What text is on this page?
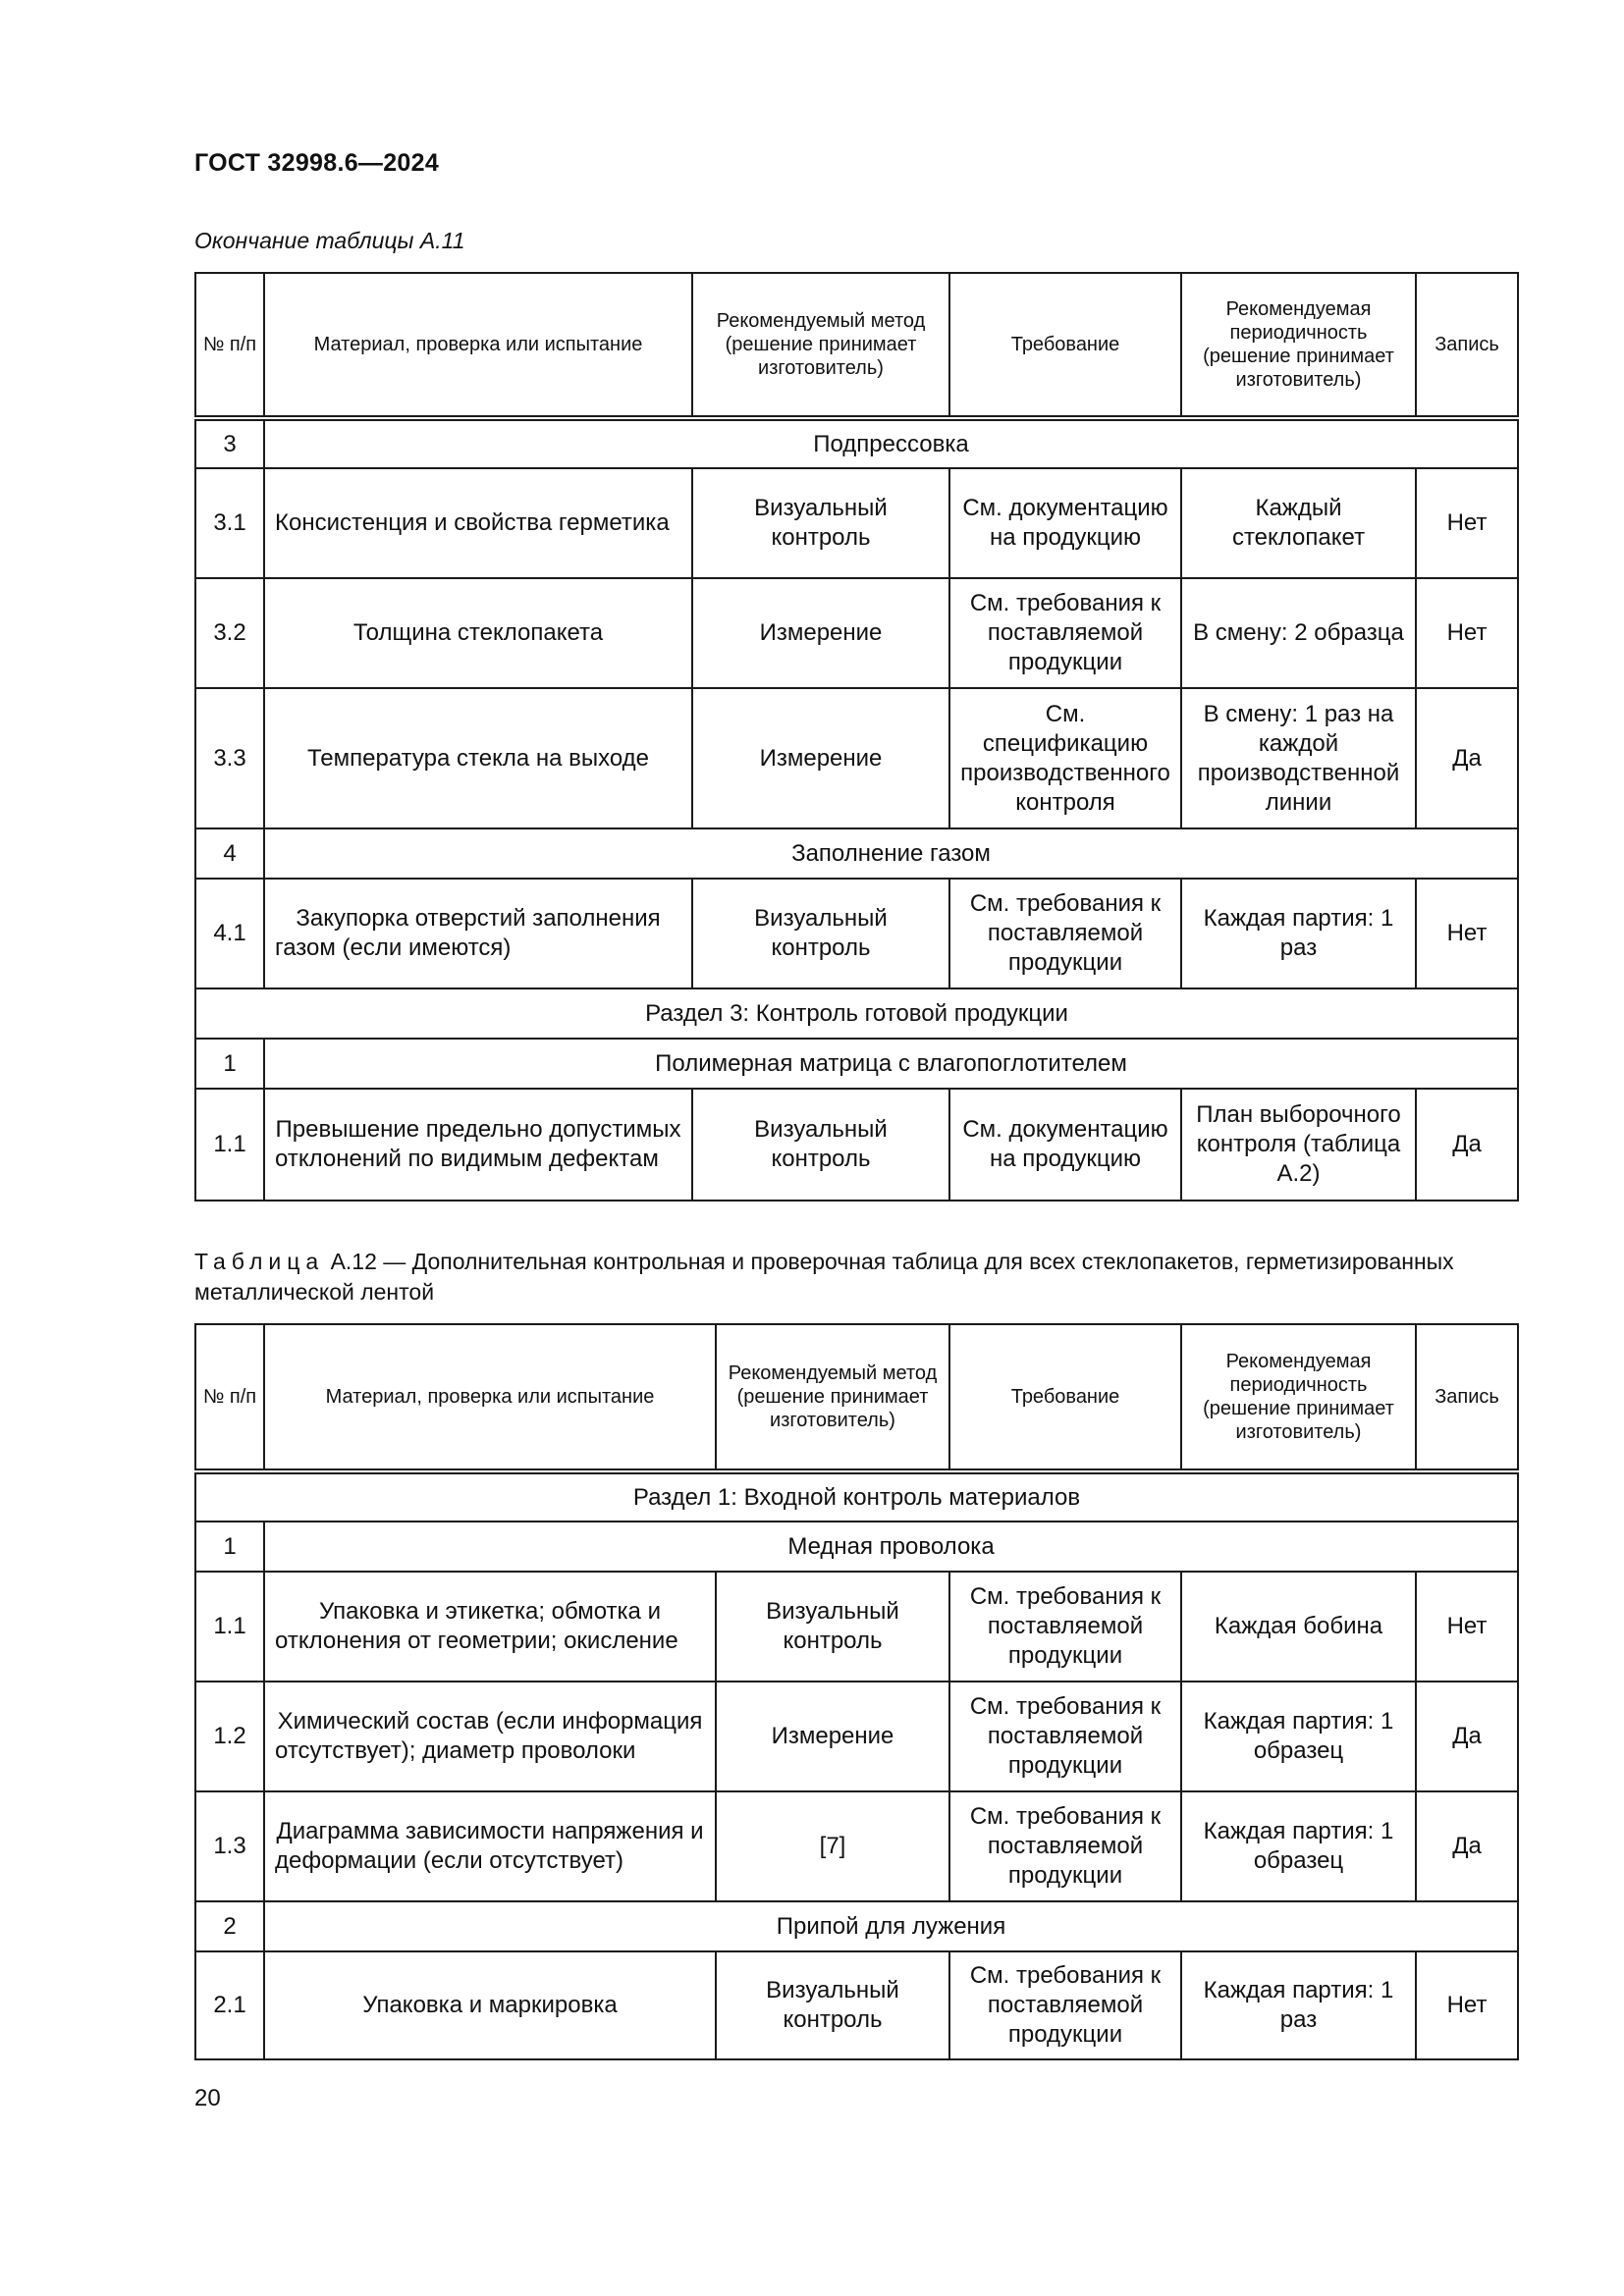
ГОСТ 32998.6—2024
Окончание таблицы А.11
№ п/п	Материал, проверка или испытание	Рекомендуемый метод (решение принимает изготовитель)	Требование	Рекомендуемая периодичность (решение принимает изготовитель)	Запись
3	Подпрессовка				
3.1	Консистенция и свойства герметика	Визуальный контроль	См. документацию на продукцию	Каждый стеклопакет	Нет
3.2	Толщина стеклопакета	Измерение	См. требования к поставляемой продукции	В смену: 2 образца	Нет
3.3	Температура стекла на выходе	Измерение	См. спецификацию производственного контроля	В смену: 1 раз на каждой производственной линии	Да
4	Заполнение газом				
4.1	Закупорка отверстий заполнения газом (если имеются)	Визуальный контроль	См. требования к поставляемой продукции	Каждая партия: 1 раз	Нет
Раздел 3: Контроль готовой продукции					
1	Полимерная матрица с влагопоглотителем				
1.1	Превышение предельно допустимых отклонений по видимым дефектам	Визуальный контроль	См. документацию на продукцию	План выборочного контроля (таблица А.2)	Да
Таблица А.12 — Дополнительная контрольная и проверочная таблица для всех стеклопакетов, герметизированных металлической лентой
№ п/п	Материал, проверка или испытание	Рекомендуемый метод (решение принимает изготовитель)	Требование	Рекомендуемая периодичность (решение принимает изготовитель)	Запись
Раздел 1: Входной контроль материалов					
1	Медная проволока				
1.1	Упаковка и этикетка; обмотка и отклонения от геометрии; окисление	Визуальный контроль	См. требования к поставляемой продукции	Каждая бобина	Нет
1.2	Химический состав (если информация отсутствует); диаметр проволоки	Измерение	См. требования к поставляемой продукции	Каждая партия: 1 образец	Да
1.3	Диаграмма зависимости напряжения и деформации (если отсутствует)	[7]	См. требования к поставляемой продукции	Каждая партия: 1 образец	Да
2	Припой для лужения				
2.1	Упаковка и маркировка	Визуальный контроль	См. требования к поставляемой продукции	Каждая партия: 1 раз	Нет
20
